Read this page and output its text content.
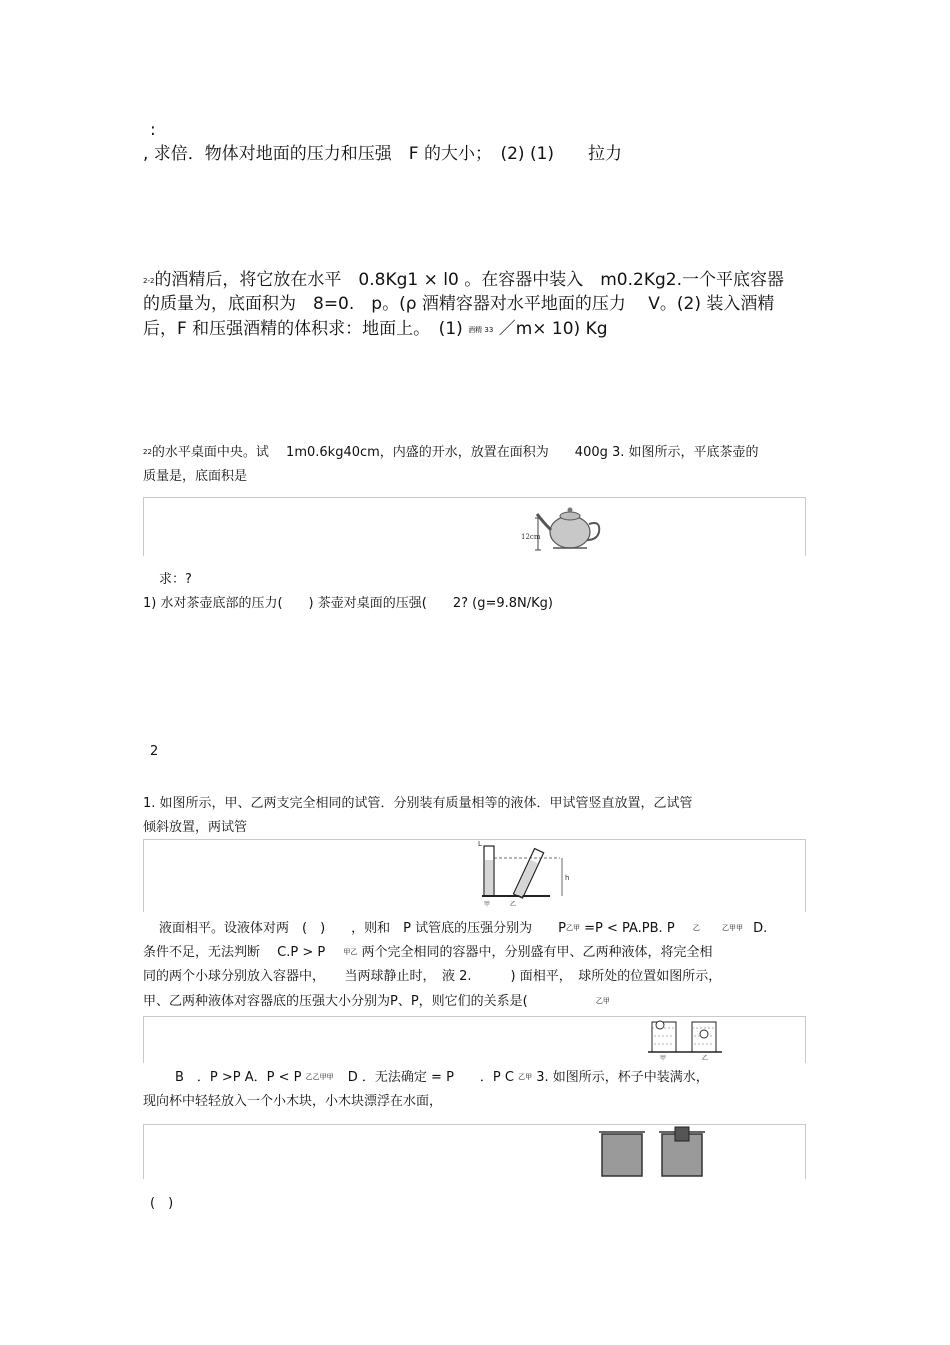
:
, 求倍．物体对地面的压力和压强　F 的大小；　(2) (1)　　拉力
$^{2-2}$的酒精后，将它放在水平　0.8Kg1 × l0 。在容器中装入　m0.2Kg2.一个平底容器
的质量为，底面积为　8=0.　p。(ρ 酒精容器对水平地面的压力　 V。(2) 装入酒精
后，F 和压强酒精的体积求：地面上。　(1) $^{酒精 33}$ ／m× 10) Kg
$^{22}$的水平桌面中央。试　 1m0.6kg40cm，内盛的开水，放置在面积为　　400g 3. 如图所示，平底茶壶的
质量是，底面积是
12cm
求：?
1) 水对茶壶底部的压力(　　) 茶壶对桌面的压强(　　2? (g=9.8N/Kg)
2
1. 如图所示，甲、乙两支完全相同的试管．分别装有质量相等的液体．甲试管竖直放置，乙试管
倾斜放置，两试管
L
h
甲	乙
液面相平。设液体对两　(　)　　，则和　P 试管底的压强分别为　　$P^{乙甲} =P < PA.PB$. P	$^乙$	$^{乙甲甲}$ D.
条件不足，无法判断　 C.P > P	$^{甲乙}$ 两个完全相同的容器中，分别盛有甲、乙两种液体，将完全相
同的两个小球分别放入容器中，　　当两球静止时，　液 2.　　　) 面相平，　球所处的位置如图所示，
甲、乙两种液体对容器底的压强大小分别为P、P，则它们的关系是(	$^{乙甲}$
甲	乙
B　．P >P A．P < P $^{乙乙甲甲}$ D ．无法确定 = P　　．P C $^{乙甲}$ 3. 如图所示，杯子中装满水，
现向杯中轻轻放入一个小木块，小木块漂浮在水面，
(　)
